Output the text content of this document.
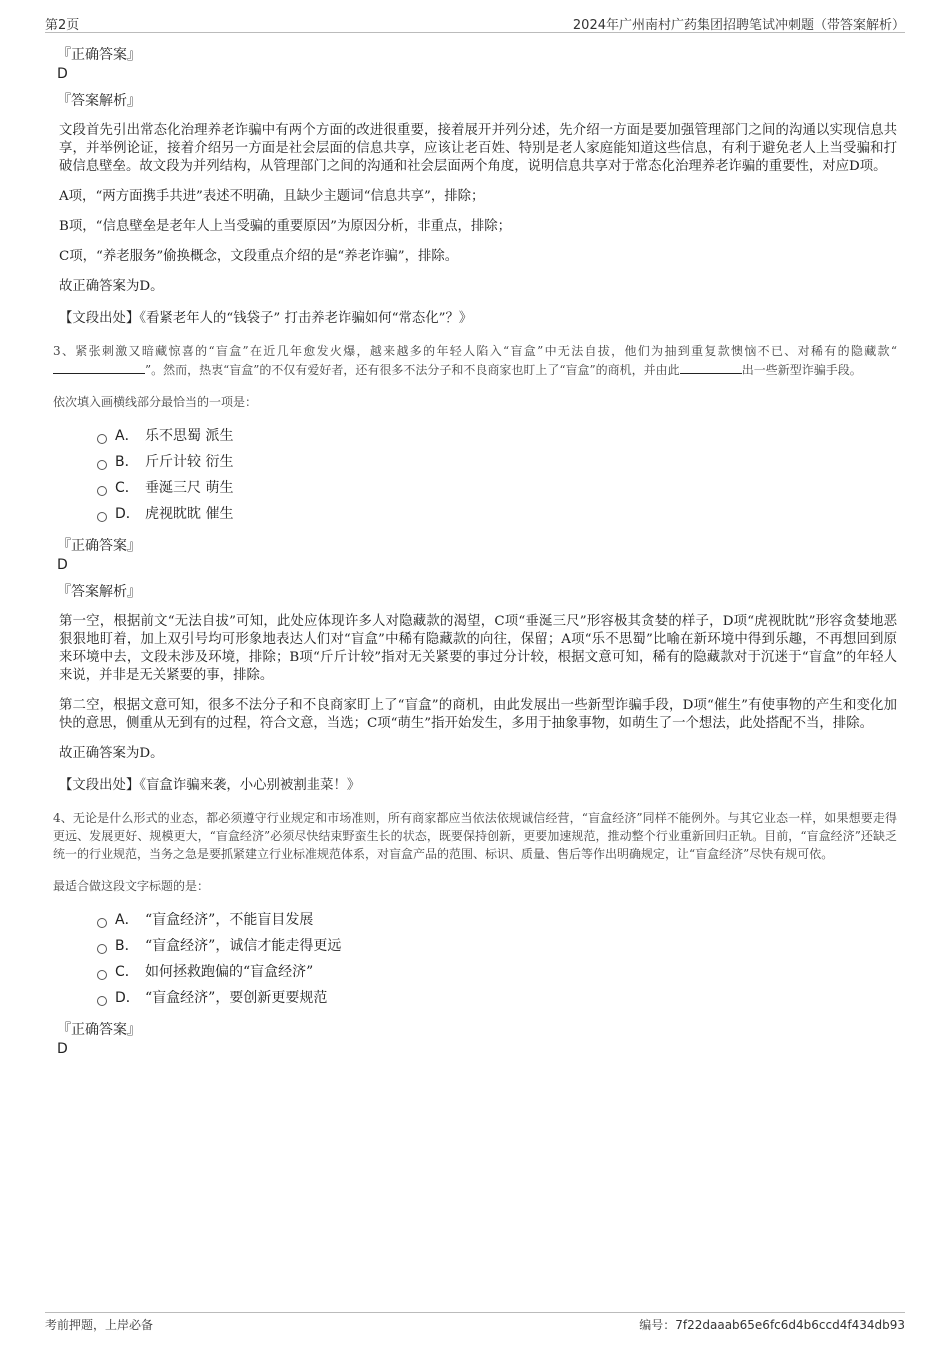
第2页	2024年广州南村广药集团招聘笔试冲刺题（带答案解析）
『正确答案』
D
『答案解析』
文段首先引出常态化治理养老诈骗中有两个方面的改进很重要，接着展开并列分述，先介绍一方面是要加强管理部门之间的沟通以实现信息共享，并举例论证，接着介绍另一方面是社会层面的信息共享，应该让老百姓、特别是老人家庭能知道这些信息，有利于避免老人上当受骗和打破信息壁垒。故文段为并列结构，从管理部门之间的沟通和社会层面两个角度，说明信息共享对于常态化治理养老诈骗的重要性，对应D项。
A项，“两方面携手共进”表述不明确，且缺少主题词“信息共享”，排除；
B项，“信息壁垒是老年人上当受骗的重要原因”为原因分析，非重点，排除；
C项，“养老服务”偷换概念，文段重点介绍的是“养老诈骗”，排除。
故正确答案为D。
【文段出处】《看紧老年人的“钱袋子” 打击养老诈骗如何“常态化”？》
3、紧张刺激又暗藏惊喜的“盲盒”在近几年愈发火爆，越来越多的年轻人陷入“盲盒”中无法自拔，他们为抽到重复款懊恼不已、对稀有的隐藏款“”。然而，热衷“盲盒”的不仅有爱好者，还有很多不法分子和不良商家也盯上了“盲盒”的商机，并由此	出一些新型诈骗手段。
依次填入画横线部分最恰当的一项是：
A． 乐不思蜀 派生
B． 斤斤计较 衍生
C． 垂涎三尺 萌生
D． 虎视眈眈 催生
『正确答案』
D
『答案解析』
第一空，根据前文“无法自拔”可知，此处应体现许多人对隐藏款的渴望，C项“垂涎三尺”形容极其贪婪的样子，D项“虎视眈眈”形容贪婪地恶狠狠地盯着，加上双引号均可形象地表达人们对“盲盒”中稀有隐藏款的向往，保留；A项“乐不思蜀”比喻在新环境中得到乐趣，不再想回到原来环境中去，文段未涉及环境，排除；B项“斤斤计较”指对无关紧要的事过分计较，根据文意可知，稀有的隐藏款对于沉迷于“盲盒”的年轻人来说，并非是无关紧要的事，排除。
第二空，根据文意可知，很多不法分子和不良商家盯上了“盲盒”的商机，由此发展出一些新型诈骗手段，D项“催生”有使事物的产生和变化加快的意思，侧重从无到有的过程，符合文意，当选；C项“萌生”指开始发生，多用于抽象事物，如萌生了一个想法，此处搭配不当，排除。
故正确答案为D。
【文段出处】《盲盒诈骗来袭，小心别被割韭菜！》
4、无论是什么形式的业态，都必须遵守行业规定和市场准则，所有商家都应当依法依规诚信经营，“盲盒经济”同样不能例外。与其它业态一样，如果想要走得更远、发展更好、规模更大，“盲盒经济”必须尽快结束野蛮生长的状态，既要保持创新，更要加速规范，推动整个行业重新回归正轨。目前，“盲盒经济”还缺乏统一的行业规范，当务之急是要抓紧建立行业标准规范体系，对盲盒产品的范围、标识、质量、售后等作出明确规定，让“盲盒经济”尽快有规可依。
最适合做这段文字标题的是：
A． “盲盒经济”，不能盲目发展
B． “盲盒经济”，诚信才能走得更远
C． 如何拯救跑偏的“盲盒经济”
D． “盲盒经济”，要创新更要规范
『正确答案』
D
考前押题，上岸必备	编号：7f22daaab65e6fc6d4b6ccd4f434db93
